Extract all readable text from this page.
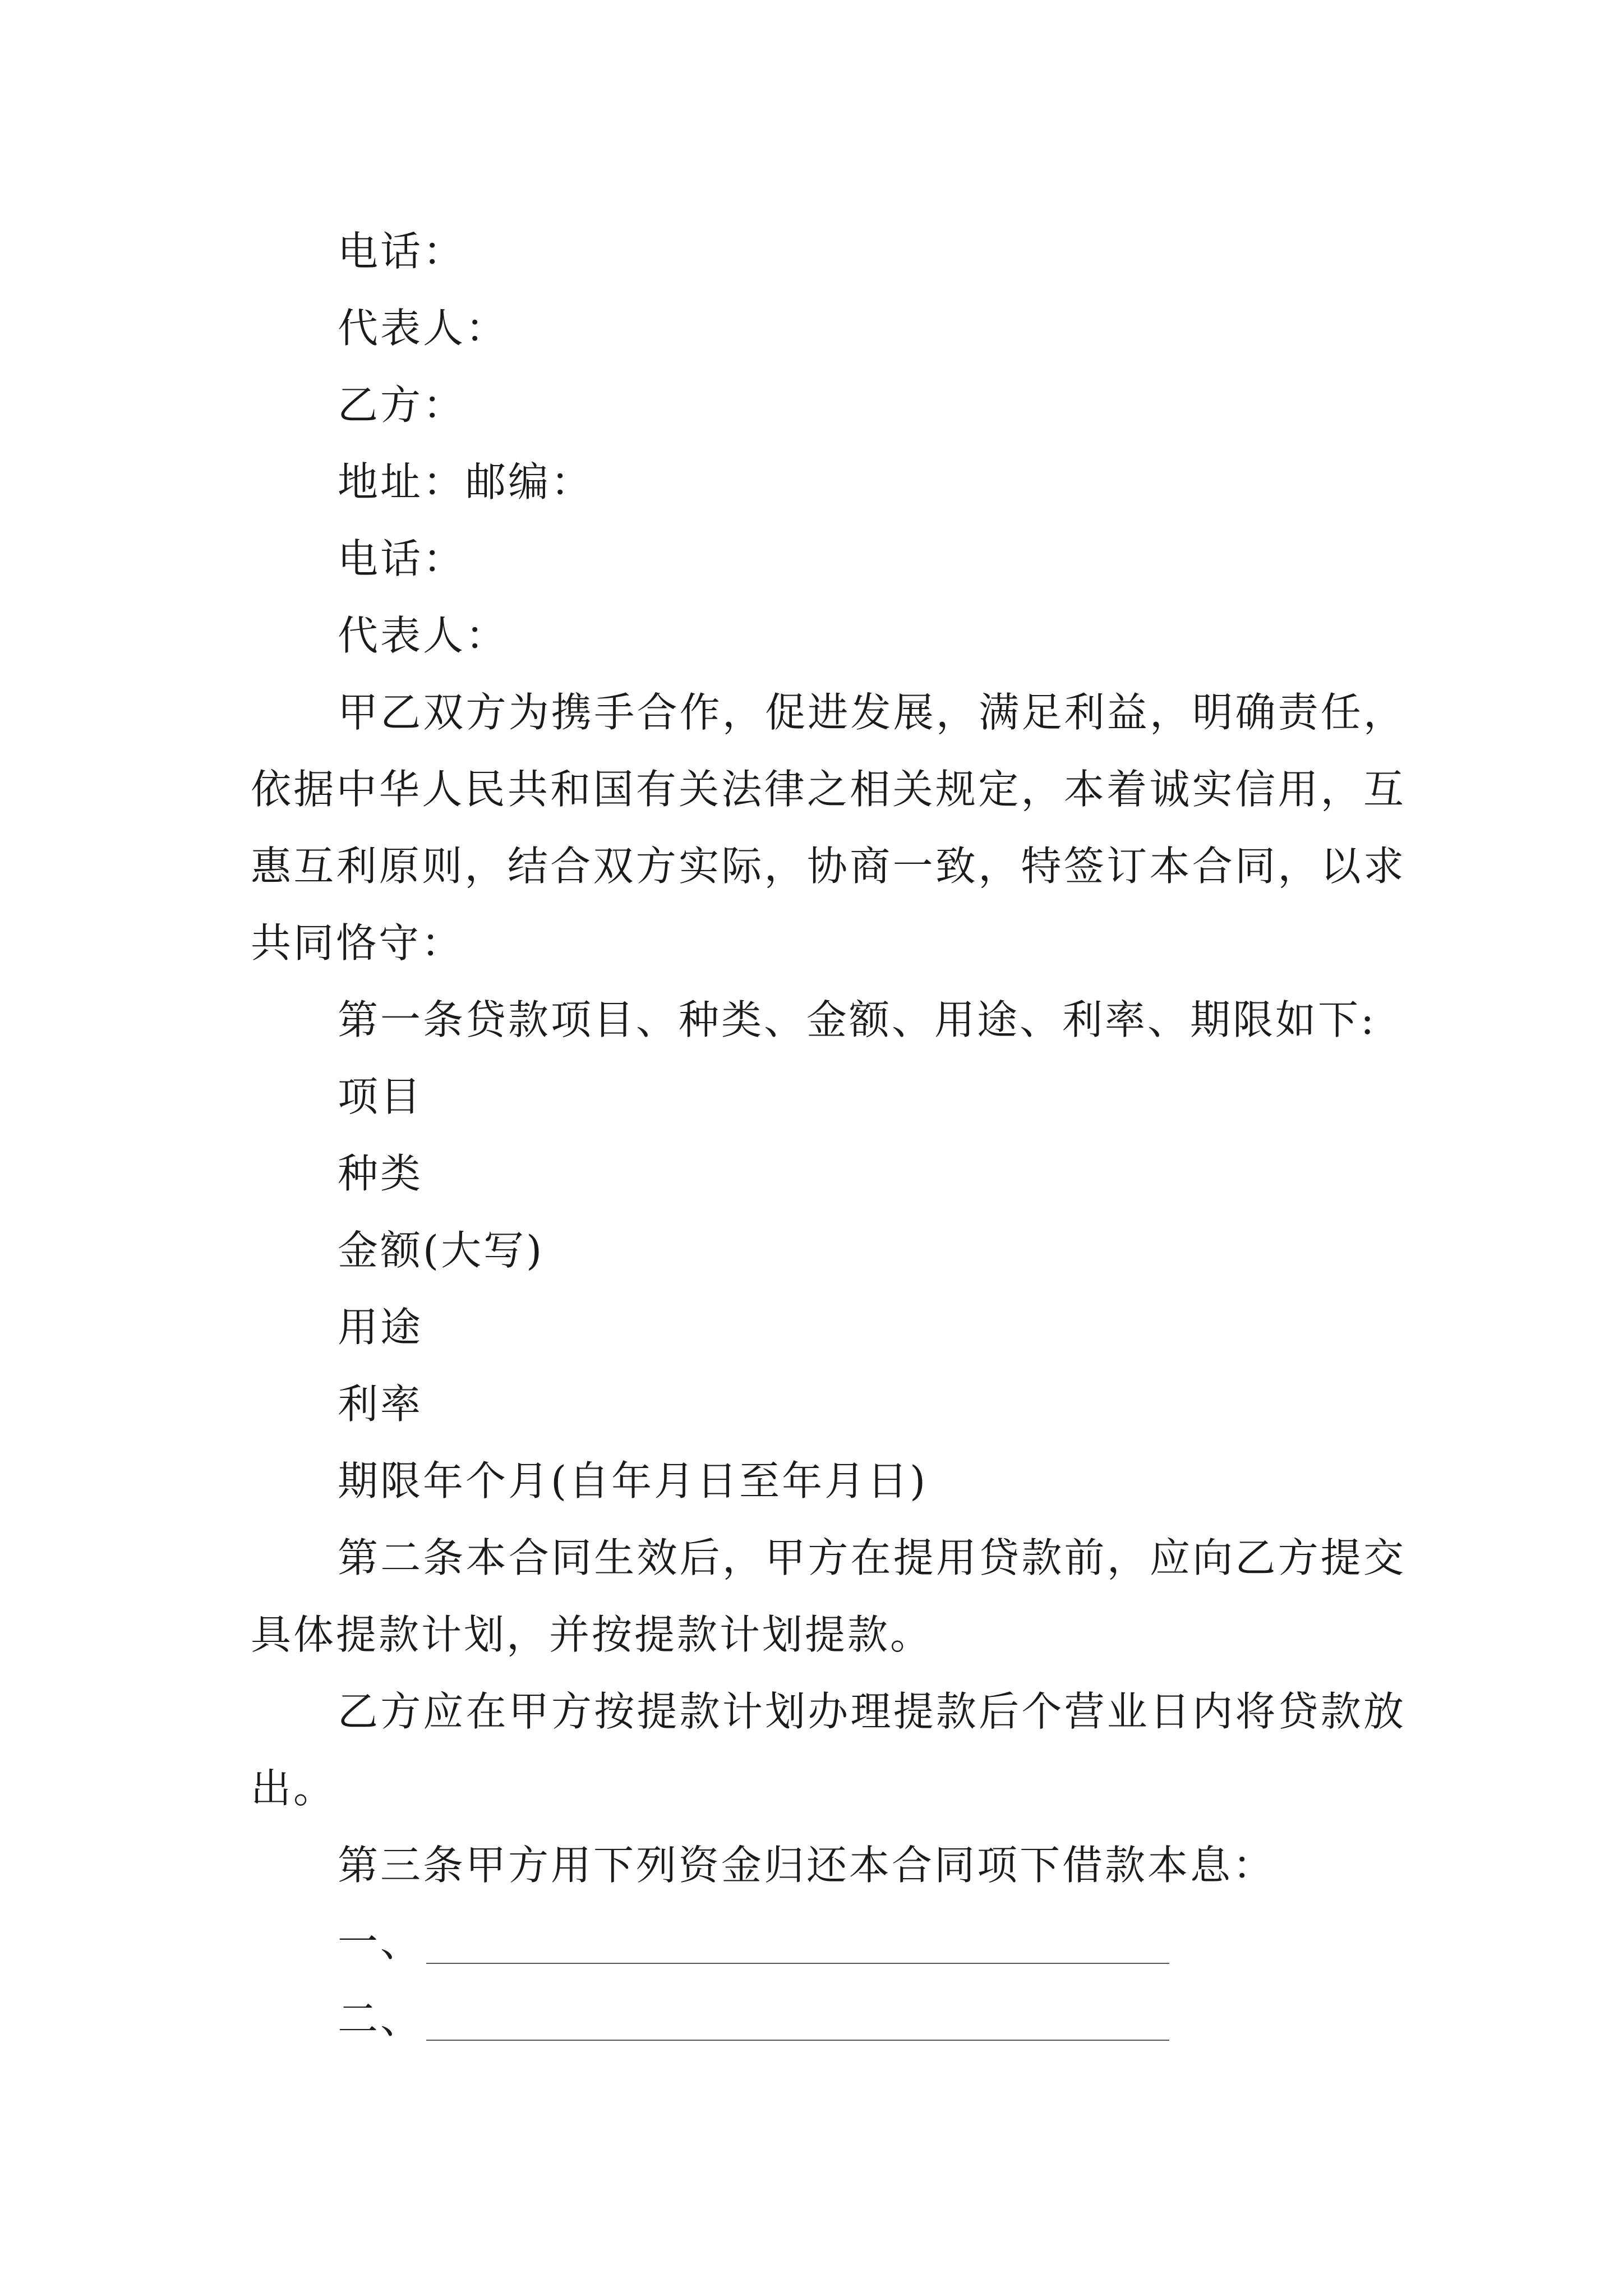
电话：
代表人：
乙方：
地址：邮编：
电话：
代表人：

甲乙双方为携手合作，促进发展，满足利益，明确责任，依据中华人民共和国有关法律之相关规定，本着诚实信用，互惠互利原则，结合双方实际，协商一致，特签订本合同，以求共同恪守：

第一条贷款项目、种类、金额、用途、利率、期限如下:
项目
种类
金额(大写)
用途
利率
期限年个月(自年月日至年月日)

第二条本合同生效后，甲方在提用贷款前，应向乙方提交具体提款计划，并按提款计划提款。

乙方应在甲方按提款计划办理提款后个营业日内将贷款放出。

第三条甲方用下列资金归还本合同项下借款本息：
一、
二、
